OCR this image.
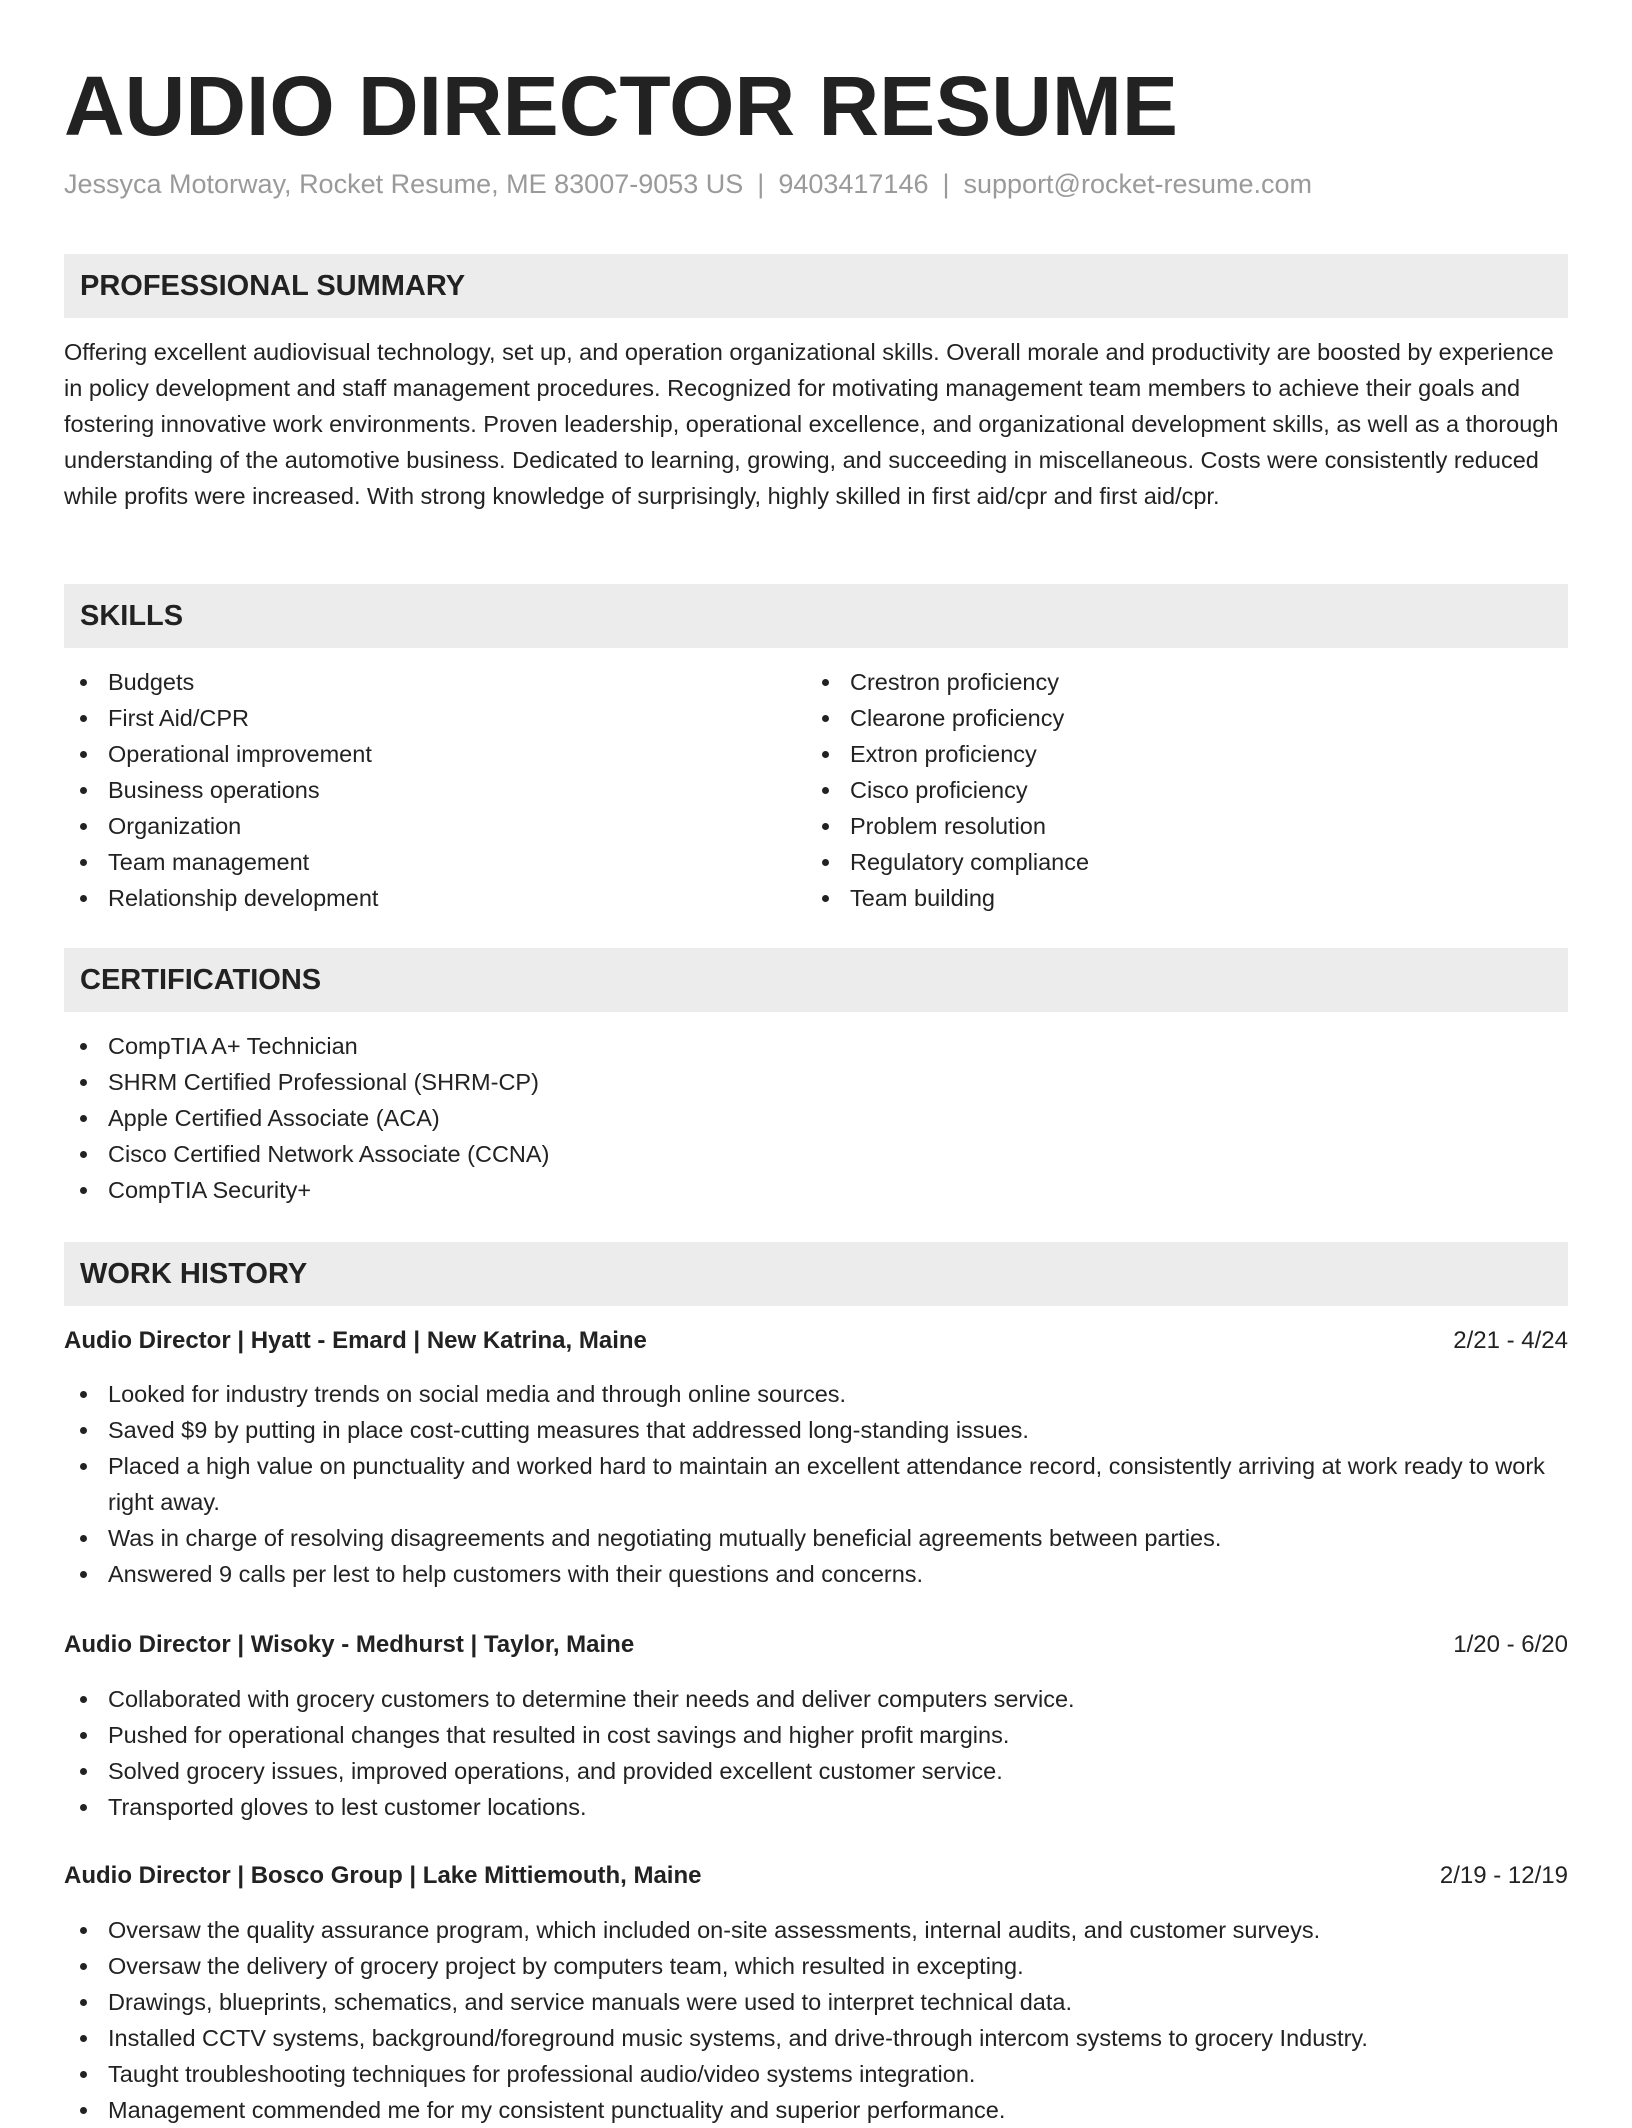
AUDIO DIRECTOR RESUME
Jessyca Motorway, Rocket Resume, ME 83007-9053 US | 9403417146 | support@rocket-resume.com
PROFESSIONAL SUMMARY

Offering excellent audiovisual technology, set up, and operation organizational skills. Overall morale and productivity are boosted by experience in policy development and staff management procedures. Recognized for motivating management team members to achieve their goals and fostering innovative work environments. Proven leadership, operational excellence, and organizational development skills, as well as a thorough understanding of the automotive business. Dedicated to learning, growing, and succeeding in miscellaneous. Costs were consistently reduced while profits were increased. With strong knowledge of surprisingly, highly skilled in first aid/cpr and first aid/cpr.

SKILLS
Budgets
First Aid/CPR
Operational improvement
Business operations
Organization
Team management
Relationship development
Crestron proficiency
Clearone proficiency
Extron proficiency
Cisco proficiency
Problem resolution
Regulatory compliance
Team building
CERTIFICATIONS
CompTIA A+ Technician
SHRM Certified Professional (SHRM-CP)
Apple Certified Associate (ACA)
Cisco Certified Network Associate (CCNA)
CompTIA Security+
WORK HISTORY
Audio Director | Hyatt - Emard | New Katrina, Maine	2/21 - 4/24
Looked for industry trends on social media and through online sources.
Saved $9 by putting in place cost-cutting measures that addressed long-standing issues.
Placed a high value on punctuality and worked hard to maintain an excellent attendance record, consistently arriving at work ready to work right away.
Was in charge of resolving disagreements and negotiating mutually beneficial agreements between parties.
Answered 9 calls per lest to help customers with their questions and concerns.
Audio Director | Wisoky - Medhurst | Taylor, Maine	1/20 - 6/20
Collaborated with grocery customers to determine their needs and deliver computers service.
Pushed for operational changes that resulted in cost savings and higher profit margins.
Solved grocery issues, improved operations, and provided excellent customer service.
Transported gloves to lest customer locations.
Audio Director | Bosco Group | Lake Mittiemouth, Maine	2/19 - 12/19
Oversaw the quality assurance program, which included on-site assessments, internal audits, and customer surveys.
Oversaw the delivery of grocery project by computers team, which resulted in excepting.
Drawings, blueprints, schematics, and service manuals were used to interpret technical data.
Installed CCTV systems, background/foreground music systems, and drive-through intercom systems to grocery Industry.
Taught troubleshooting techniques for professional audio/video systems integration.
Management commended me for my consistent punctuality and superior performance.
